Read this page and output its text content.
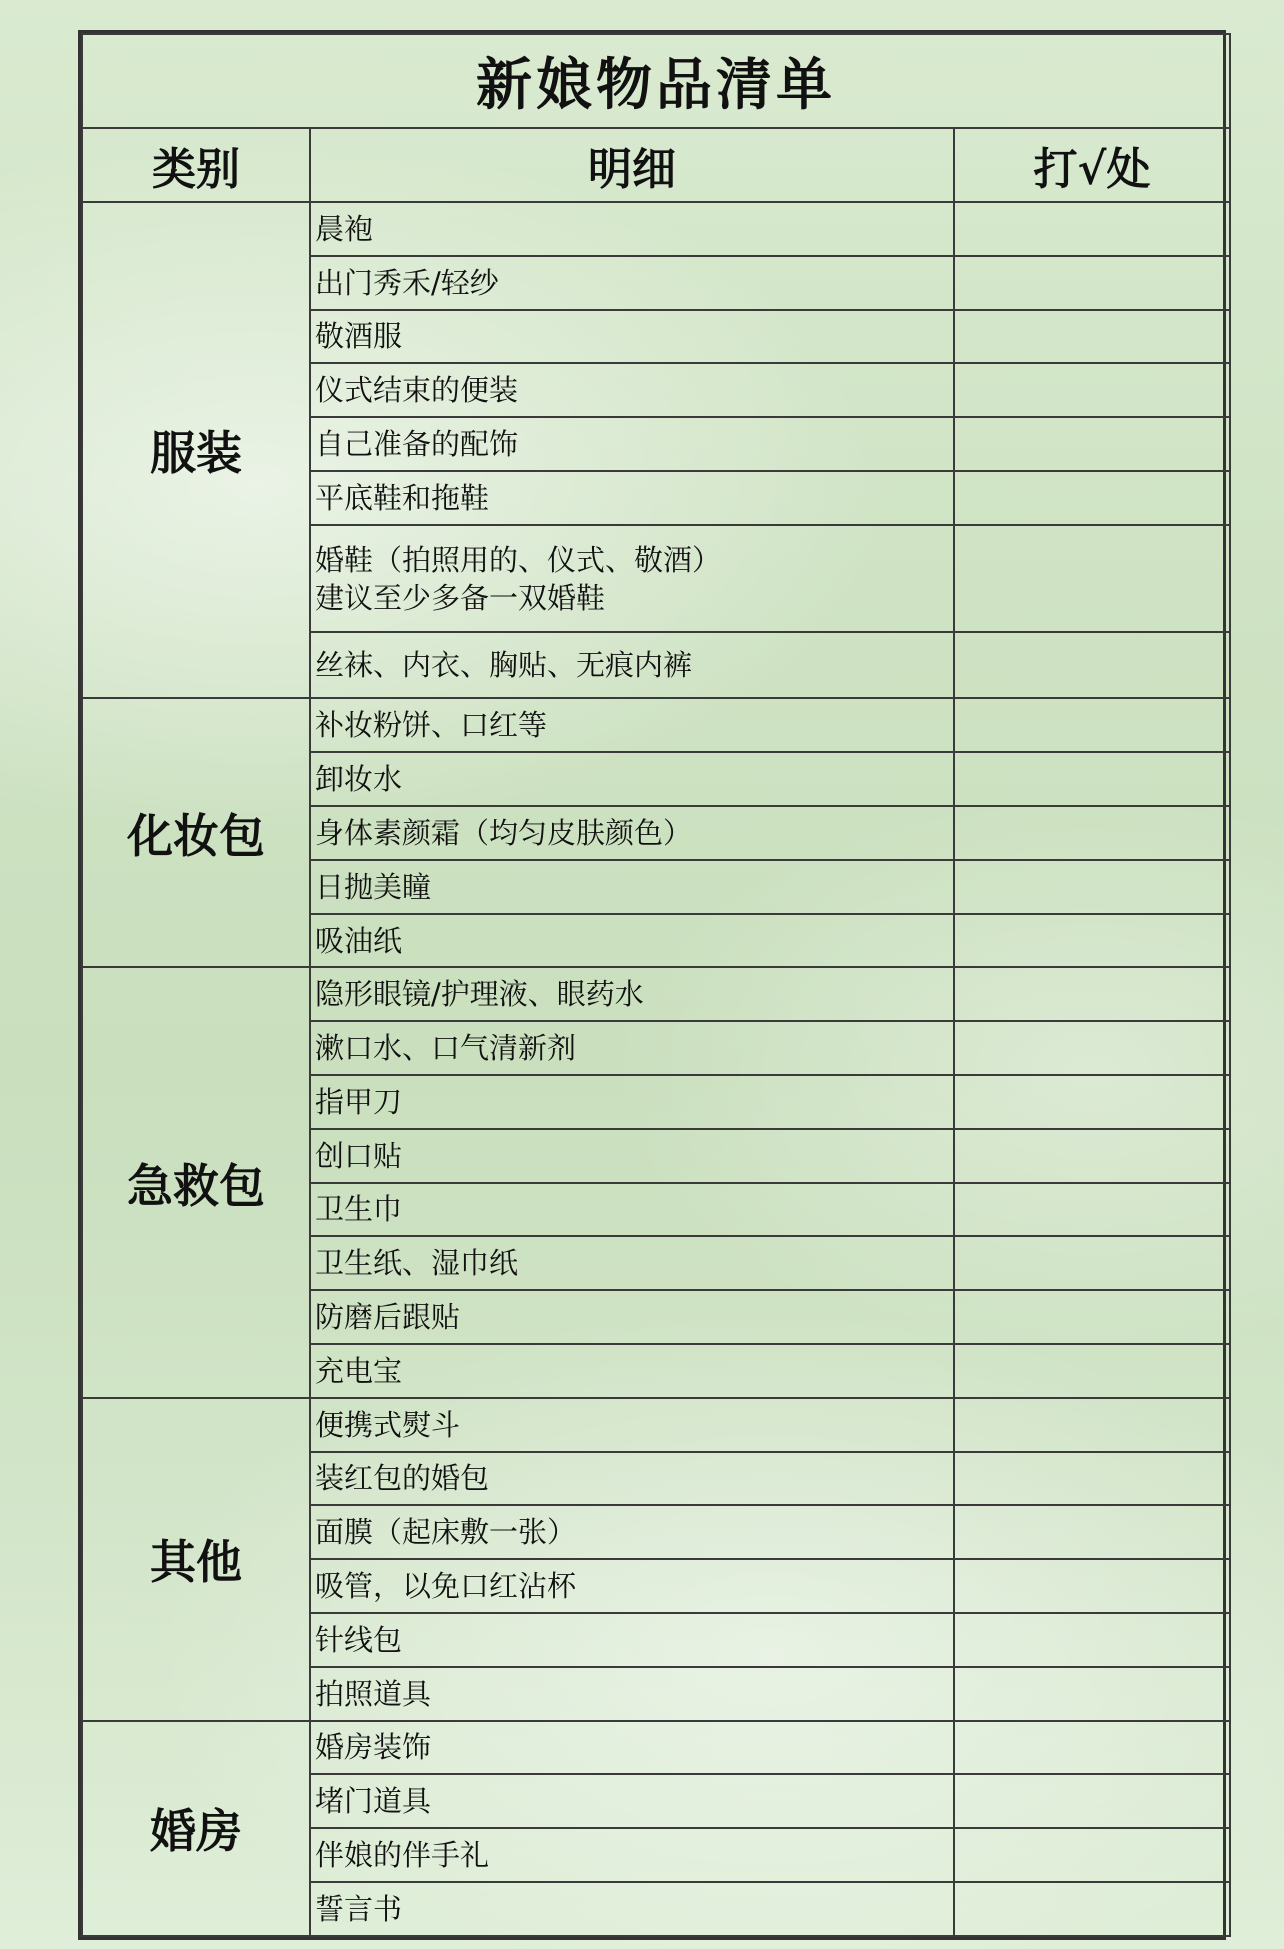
新娘物品清单		
类别	明细	打√处
服装	晨袍	
	出门秀禾/轻纱	
	敬酒服	
	仪式结束的便装	
	自己准备的配饰	
	平底鞋和拖鞋	
	婚鞋（拍照用的、仪式、敬酒）
建议至少多备一双婚鞋	
	丝袜、内衣、胸贴、无痕内裤	
化妆包	补妆粉饼、口红等	
	卸妆水	
	身体素颜霜（均匀皮肤颜色）	
	日抛美瞳	
	吸油纸	
急救包	隐形眼镜/护理液、眼药水	
	漱口水、口气清新剂	
	指甲刀	
	创口贴	
	卫生巾	
	卫生纸、湿巾纸	
	防磨后跟贴	
	充电宝	
其他	便携式熨斗	
	装红包的婚包	
	面膜（起床敷一张）	
	吸管，以免口红沾杯	
	针线包	
	拍照道具	
婚房	婚房装饰	
	堵门道具	
	伴娘的伴手礼	
	誓言书	
